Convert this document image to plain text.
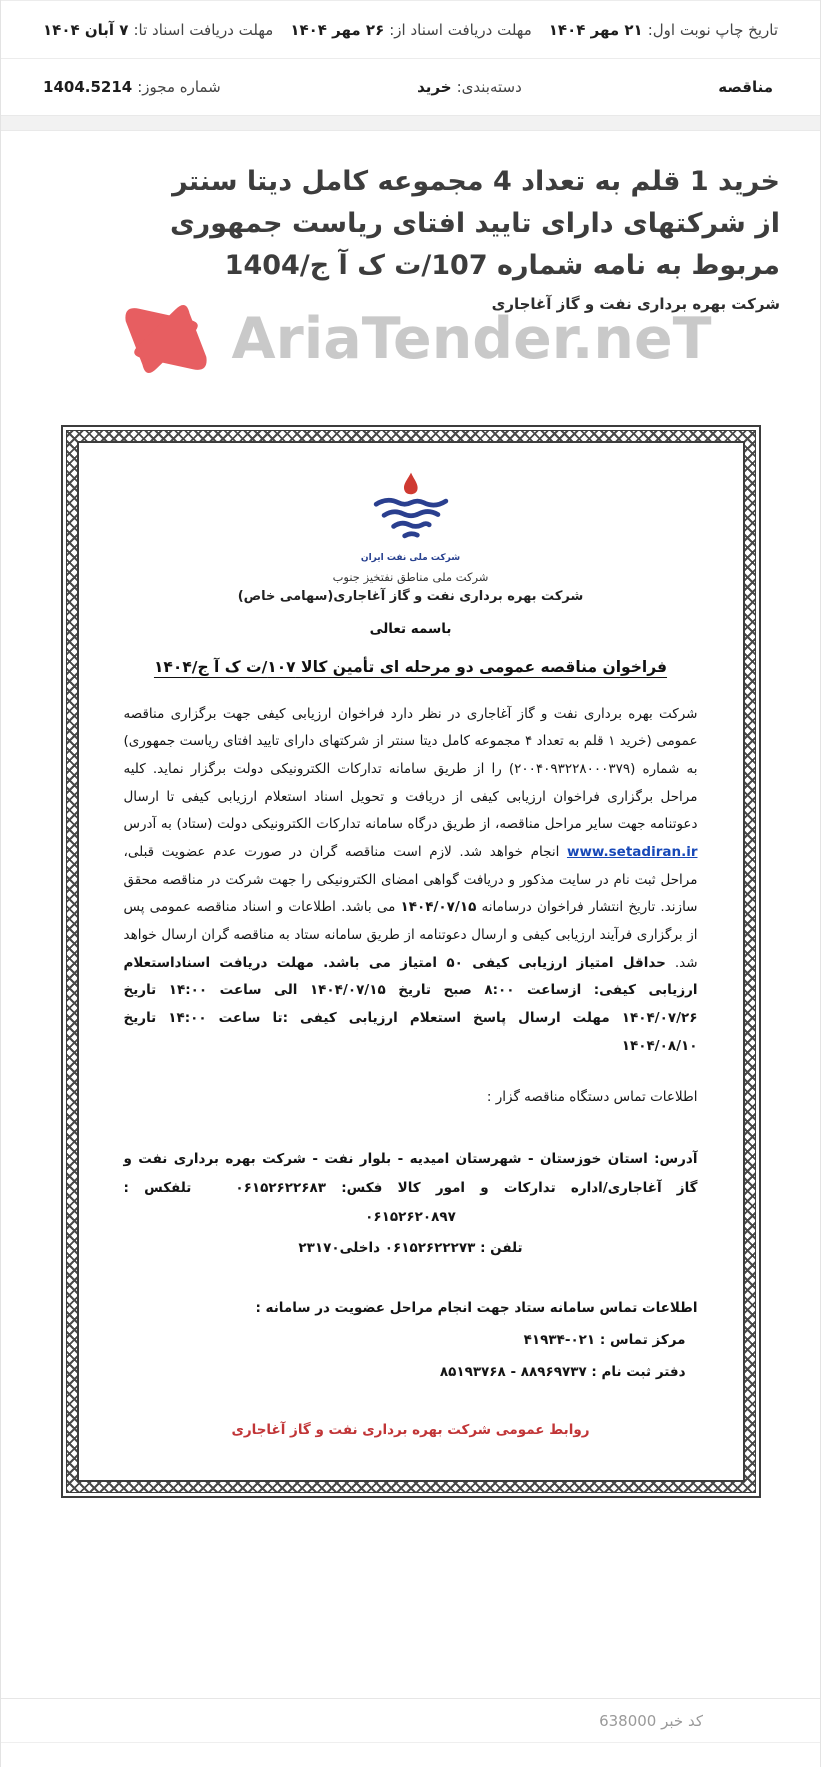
تاریخ چاپ نوبت اول:۲۱ مهر ۱۴۰۴
مهلت دریافت اسناد از:۲۶ مهر ۱۴۰۴
مهلت دریافت اسناد تا:۷ آبان ۱۴۰۴
مناقصه
دسته‌بندی:خرید
شماره مجوز:1404.5214
خرید 1 قلم به تعداد 4 مجموعه کامل دیتا سنتر از شرکتهای دارای تایید افتای ریاست جمهوری مربوط به نامه شماره 107/ت ک آ ج/1404
شرکت بهره برداری نفت و گاز آغاجاری
AriaTender.neT
شرکت ملی نفت ایران
شرکت ملی مناطق نفتخیز جنوب
شرکت بهره برداری نفت و گاز آغاجاری(سهامی خاص)
باسمه تعالی
فراخوان مناقصه عمومی دو مرحله ای تأمین کالا ۱۰۷/ت ک آ ج/۱۴۰۴

شرکت بهره برداری نفت و گاز آغاجاری در نظر دارد فراخوان ارزیابی کیفی جهت برگزاری مناقصه عمومی (خرید ۱ قلم به تعداد ۴ مجموعه کامل دیتا سنتر از شرکتهای دارای تایید افتای ریاست جمهوری) به شماره (۲۰۰۴۰۹۳۲۲۸۰۰۰۳۷۹) را از طریق سامانه تدارکات الکترونیکی دولت برگزار نماید. کلیه مراحل برگزاری فراخوان ارزیابی کیفی از دریافت و تحویل اسناد استعلام ارزیابی کیفی تا ارسال دعوتنامه جهت سایر مراحل مناقصه، از طریق درگاه سامانه تدارکات الکترونیکی دولت (ستاد) به آدرس www.setadiran.ir انجام خواهد شد. لازم است مناقصه گران در صورت عدم عضویت قبلی، مراحل ثبت نام در سایت مذکور و دریافت گواهی امضای الکترونیکی را جهت شرکت در مناقصه محقق سازند. تاریخ انتشار فراخوان درسامانه ۱۴۰۴/۰۷/۱۵ می باشد. اطلاعات و اسناد مناقصه عمومی پس از برگزاری فرآیند ارزیابی کیفی و ارسال دعوتنامه از طریق سامانه ستاد به مناقصه گران ارسال خواهد شد. حداقل امتیاز ارزیابی کیفی ۵۰ امتیاز می باشد. مهلت دریافت اسناداستعلام ارزیابی کیفی: ازساعت ۸:۰۰ صبح تاریخ ۱۴۰۴/۰۷/۱۵ الی ساعت ۱۴:۰۰ تاریخ ۱۴۰۴/۰۷/۲۶ مهلت ارسال پاسخ استعلام ارزیابی کیفی :تا ساعت ۱۴:۰۰ تاریخ ۱۴۰۴/۰۸/۱۰

اطلاعات تماس دستگاه مناقصه گزار :

آدرس: استان خوزستان - شهرستان امیدیه - بلوار نفت - شرکت بهره برداری نفت و گاز آغاجاری/اداره تدارکات و امور کالا فکس: ۰۶۱۵۲۶۲۲۶۸۳تلفکس : ۰۶۱۵۲۶۲۰۸۹۷

تلفن : ۰۶۱۵۲۶۲۲۲۷۳ داخلی۲۳۱۷۰

اطلاعات تماس سامانه ستاد جهت انجام مراحل عضویت در سامانه :

مرکز تماس : ۰۲۱-۴۱۹۳۴

دفتر ثبت نام : ۸۸۹۶۹۷۳۷ - ۸۵۱۹۳۷۶۸

روابط عمومی شرکت بهره برداری نفت و گاز آغاجاری

کد خبر 638000
